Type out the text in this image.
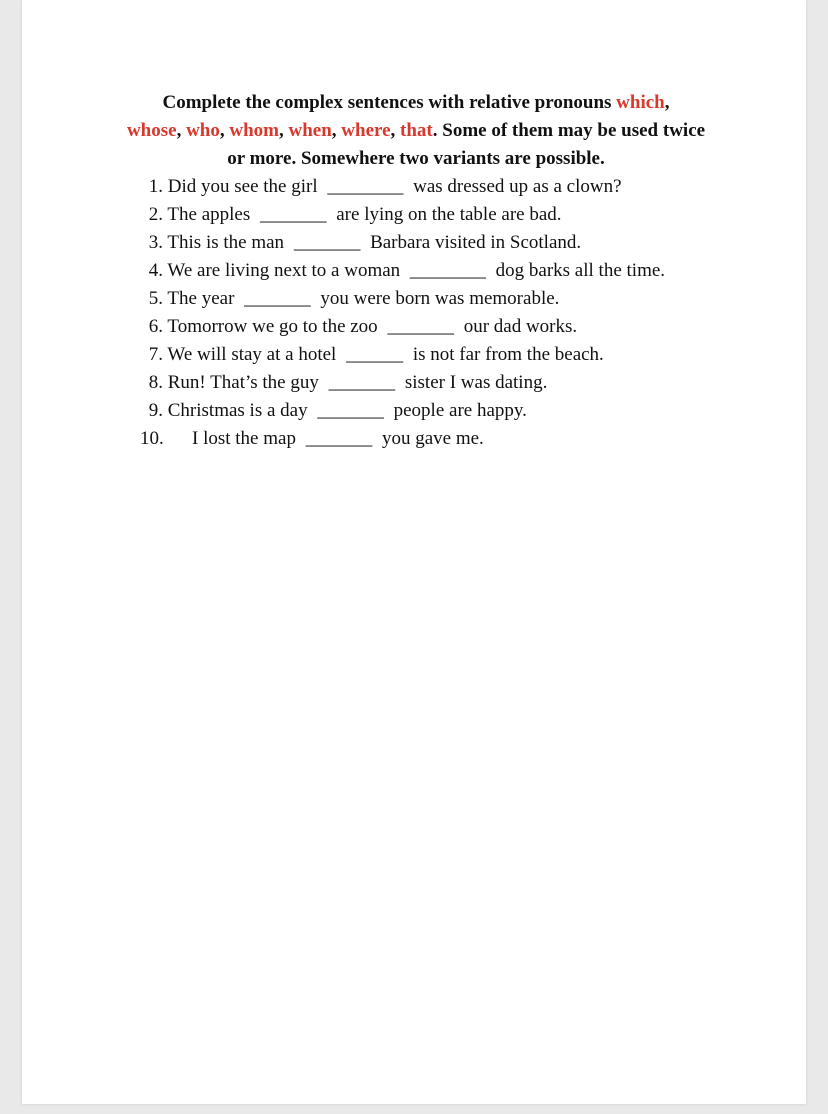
Complete the complex sentences with relative pronouns which,
whose, who, whom, when, where, that. Some of them may be used twice or more. Somewhere two variants are possible.
1. Did you see the girl ________ was dressed up as a clown?
2. The apples _______ are lying on the table are bad.
3. This is the man _______ Barbara visited in Scotland.
4. We are living next to a woman ________ dog barks all the time.
5. The year _______ you were born was memorable.
6. Tomorrow we go to the zoo _______ our dad works.
7. We will stay at a hotel ______ is not far from the beach.
8. Run! That’s the guy _______ sister I was dating.
9. Christmas is a day _______ people are happy.
10. I lost the map _______ you gave me.
